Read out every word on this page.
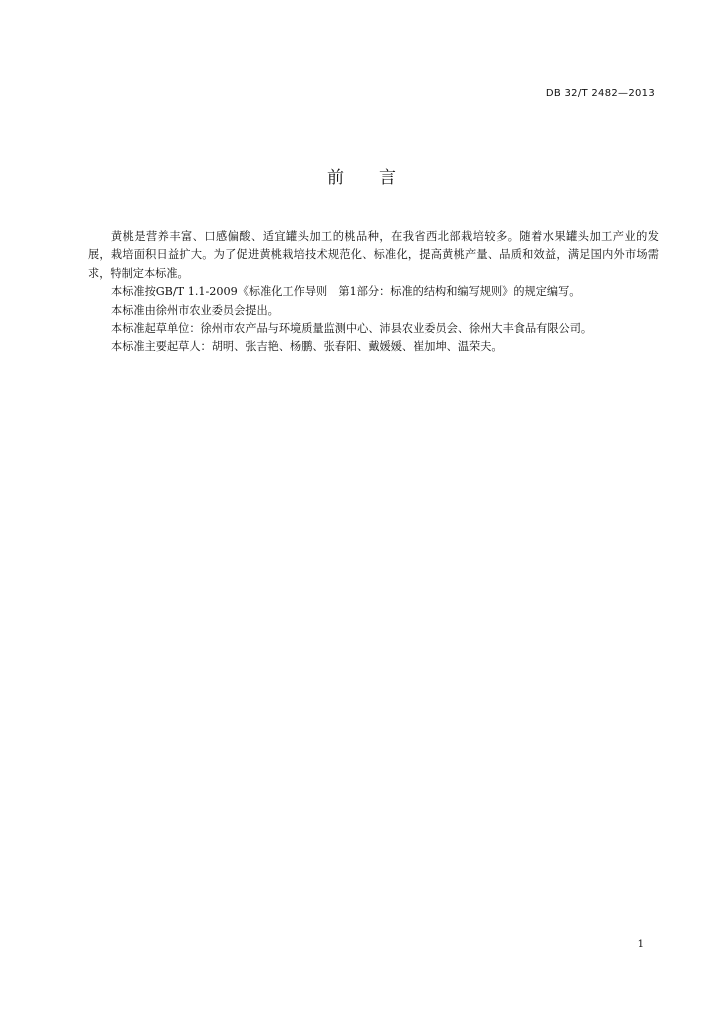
DB 32/T 2482—2013
前 言

黄桃是营养丰富、口感偏酸、适宜罐头加工的桃品种，在我省西北部栽培较多。随着水果罐头加工产业的发展，栽培面积日益扩大。为了促进黄桃栽培技术规范化、标准化，提高黄桃产量、品质和效益，满足国内外市场需求，特制定本标准。

本标准按GB/T 1.1-2009《标准化工作导则　第1部分：标准的结构和编写规则》的规定编写。

本标准由徐州市农业委员会提出。

本标准起草单位：徐州市农产品与环境质量监测中心、沛县农业委员会、徐州大丰食品有限公司。

本标准主要起草人：胡明、张吉艳、杨鹏、张春阳、戴媛媛、崔加坤、温荣夫。

1
